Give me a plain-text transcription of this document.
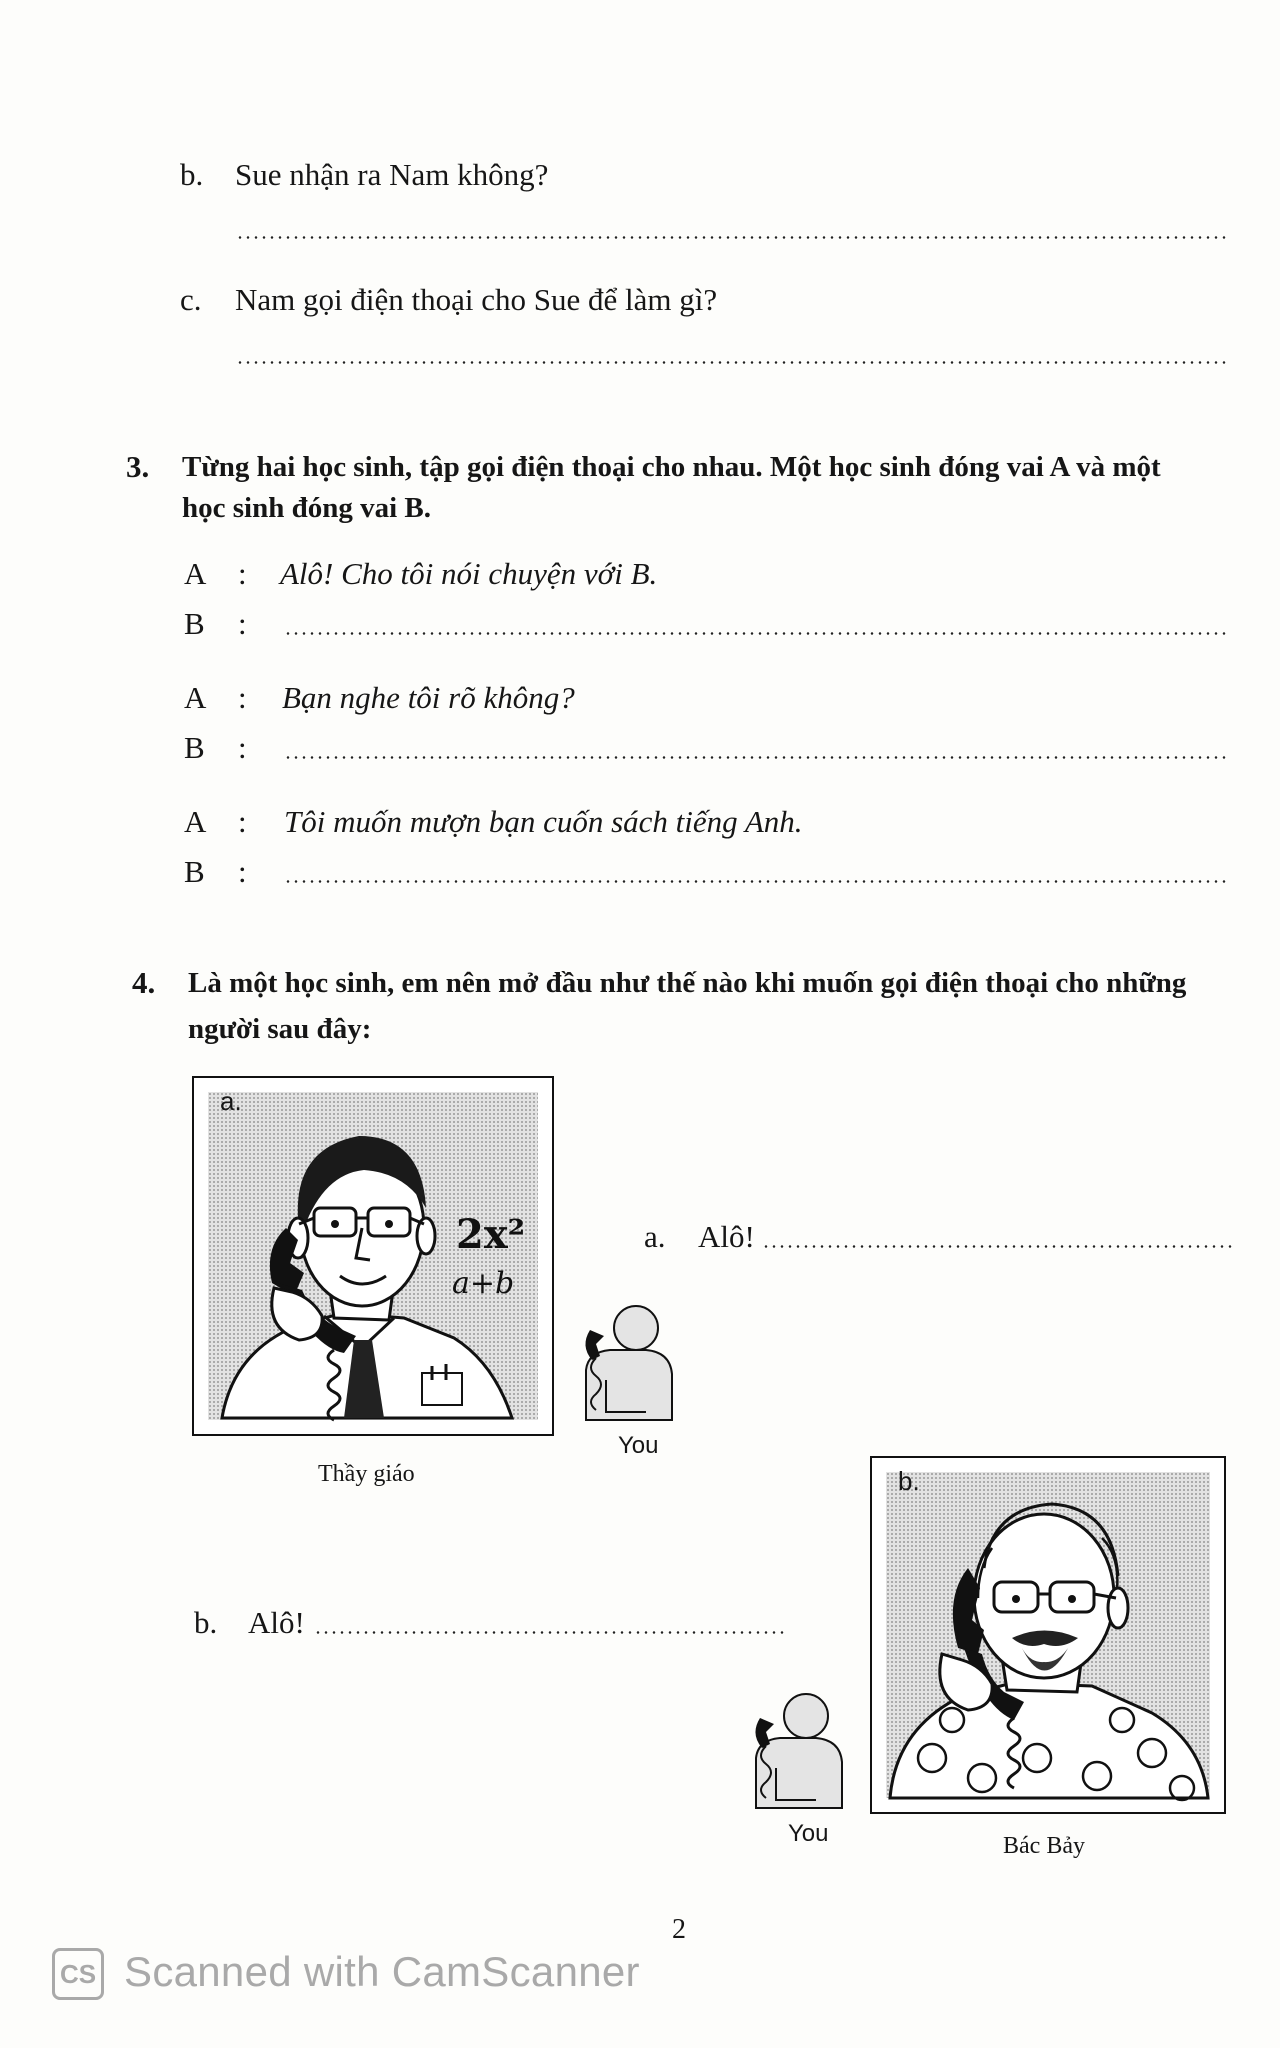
b. Sue nhận ra Nam không?
c. Nam gọi điện thoại cho Sue để làm gì?
3. Từng hai học sinh, tập gọi điện thoại cho nhau. Một học sinh đóng vai A và một
học sinh đóng vai B.
A : Alô! Cho tôi nói chuyện với B.
B :
A : Bạn nghe tôi rõ không?
B :
A : Tôi muốn mượn bạn cuốn sách tiếng Anh.
B :
4. Là một học sinh, em nên mở đầu như thế nào khi muốn gọi điện thoại cho những
người sau đây:
2x²
a+b
a.
Thầy giáo
You
a. Alô!
b. Alô!
b.
Bác Bảy
You
2
CS Scanned with CamScanner
